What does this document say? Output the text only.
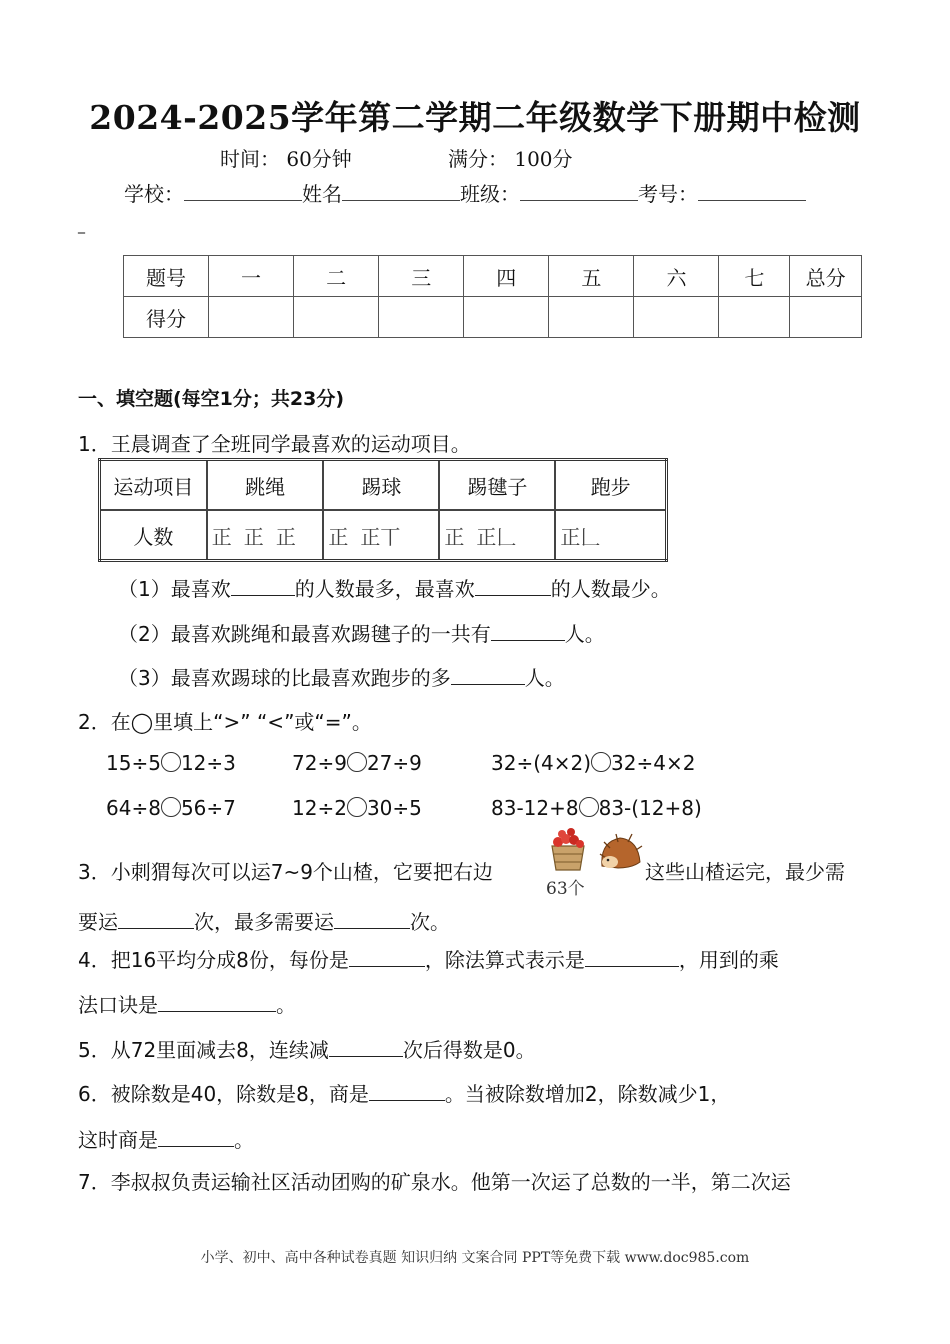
2024-2025学年第二学期二年级数学下册期中检测
时间： 60分钟	满分： 100分
学校：	姓名	班级：	考号：
_
题号	一	二	三	四	五	六	七	总分
得分								
一、填空题(每空1分；共23分)
1．王晨调查了全班同学最喜欢的运动项目。
运动项目	跳绳	踢球	踢毽子	跑步
人数	正 正 正	正 正丅	正 正𠃊	正𠃊
（1）最喜欢	的人数最多，最喜欢	的人数最少。
（2）最喜欢跳绳和最喜欢踢毽子的一共有	人。
（3）最喜欢踢球的比最喜欢跑步的多	人。
2．在◯里填上“>” “<”或“=”。
15÷5 12÷3	72÷9 27÷9	32÷(4×2) 32÷4×2
64÷8 56÷7	12÷2 30÷5	83-12+8 83-(12+8)
3．小刺猬每次可以运7~9个山楂，它要把右边
63个
这些山楂运完，最少需
要运	次，最多需要运	次。
4．把16平均分成8份，每份是	，除法算式表示是	，用到的乘
法口诀是	。
5．从72里面减去8，连续减	次后得数是0。
6．被除数是40，除数是8，商是	。当被除数增加2，除数减少1，
这时商是	。
7．李叔叔负责运输社区活动团购的矿泉水。他第一次运了总数的一半，第二次运
小学、初中、高中各种试卷真题 知识归纳 文案合同 PPT等免费下载 www.doc985.com
